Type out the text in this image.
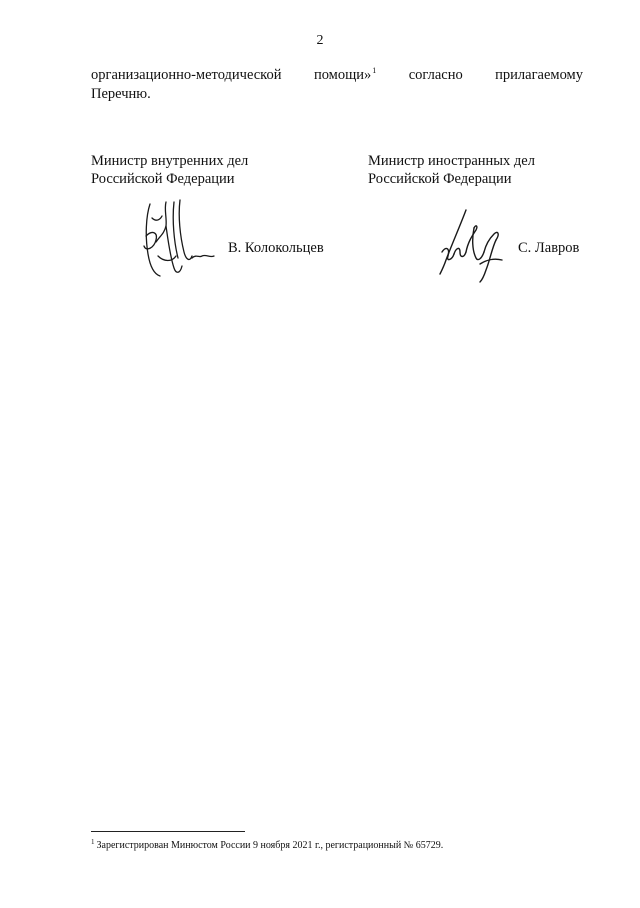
2
организационно-методической помощи»$^1$ согласно прилагаемому
Перечню.
Министр внутренних дел
Российской Федерации
Министр иностранных дел
Российской Федерации
В. Колокольцев	С. Лавров
$^1$ Зарегистрирован Минюстом России 9 ноября 2021 г., регистрационный № 65729.
